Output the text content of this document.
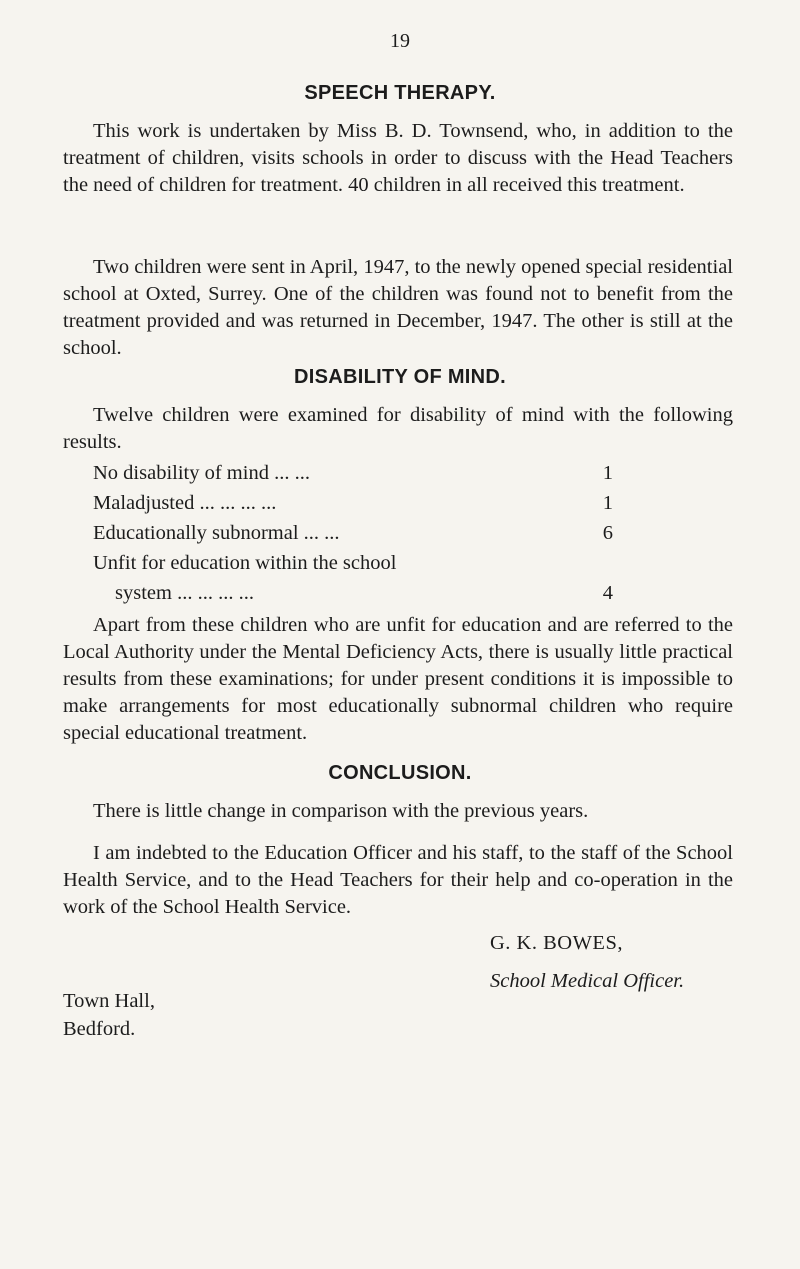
19
SPEECH THERAPY.
This work is undertaken by Miss B. D. Townsend, who, in addition to the treatment of children, visits schools in order to discuss with the Head Teachers the need of children for treatment. 40 children in all received this treatment.
Two children were sent in April, 1947, to the newly opened special residential school at Oxted, Surrey. One of the children was found not to benefit from the treatment provided and was returned in December, 1947. The other is still at the school.
DISABILITY OF MIND.
Twelve children were examined for disability of mind with the following results.
No disability of mind ... ...	1
Maladjusted ... ... ... ...	1
Educationally subnormal ... ...	6
Unfit for education within the school
system ... ... ... ...	4
Apart from these children who are unfit for education and are referred to the Local Authority under the Mental Deficiency Acts, there is usually little practical results from these examinations; for under present conditions it is impossible to make arrangements for most educationally subnormal children who require special educational treatment.
CONCLUSION.
There is little change in comparison with the previous years.
I am indebted to the Education Officer and his staff, to the staff of the School Health Service, and to the Head Teachers for their help and co-operation in the work of the School Health Service.
G. K. BOWES,
School Medical Officer.
Town Hall,
Bedford.
